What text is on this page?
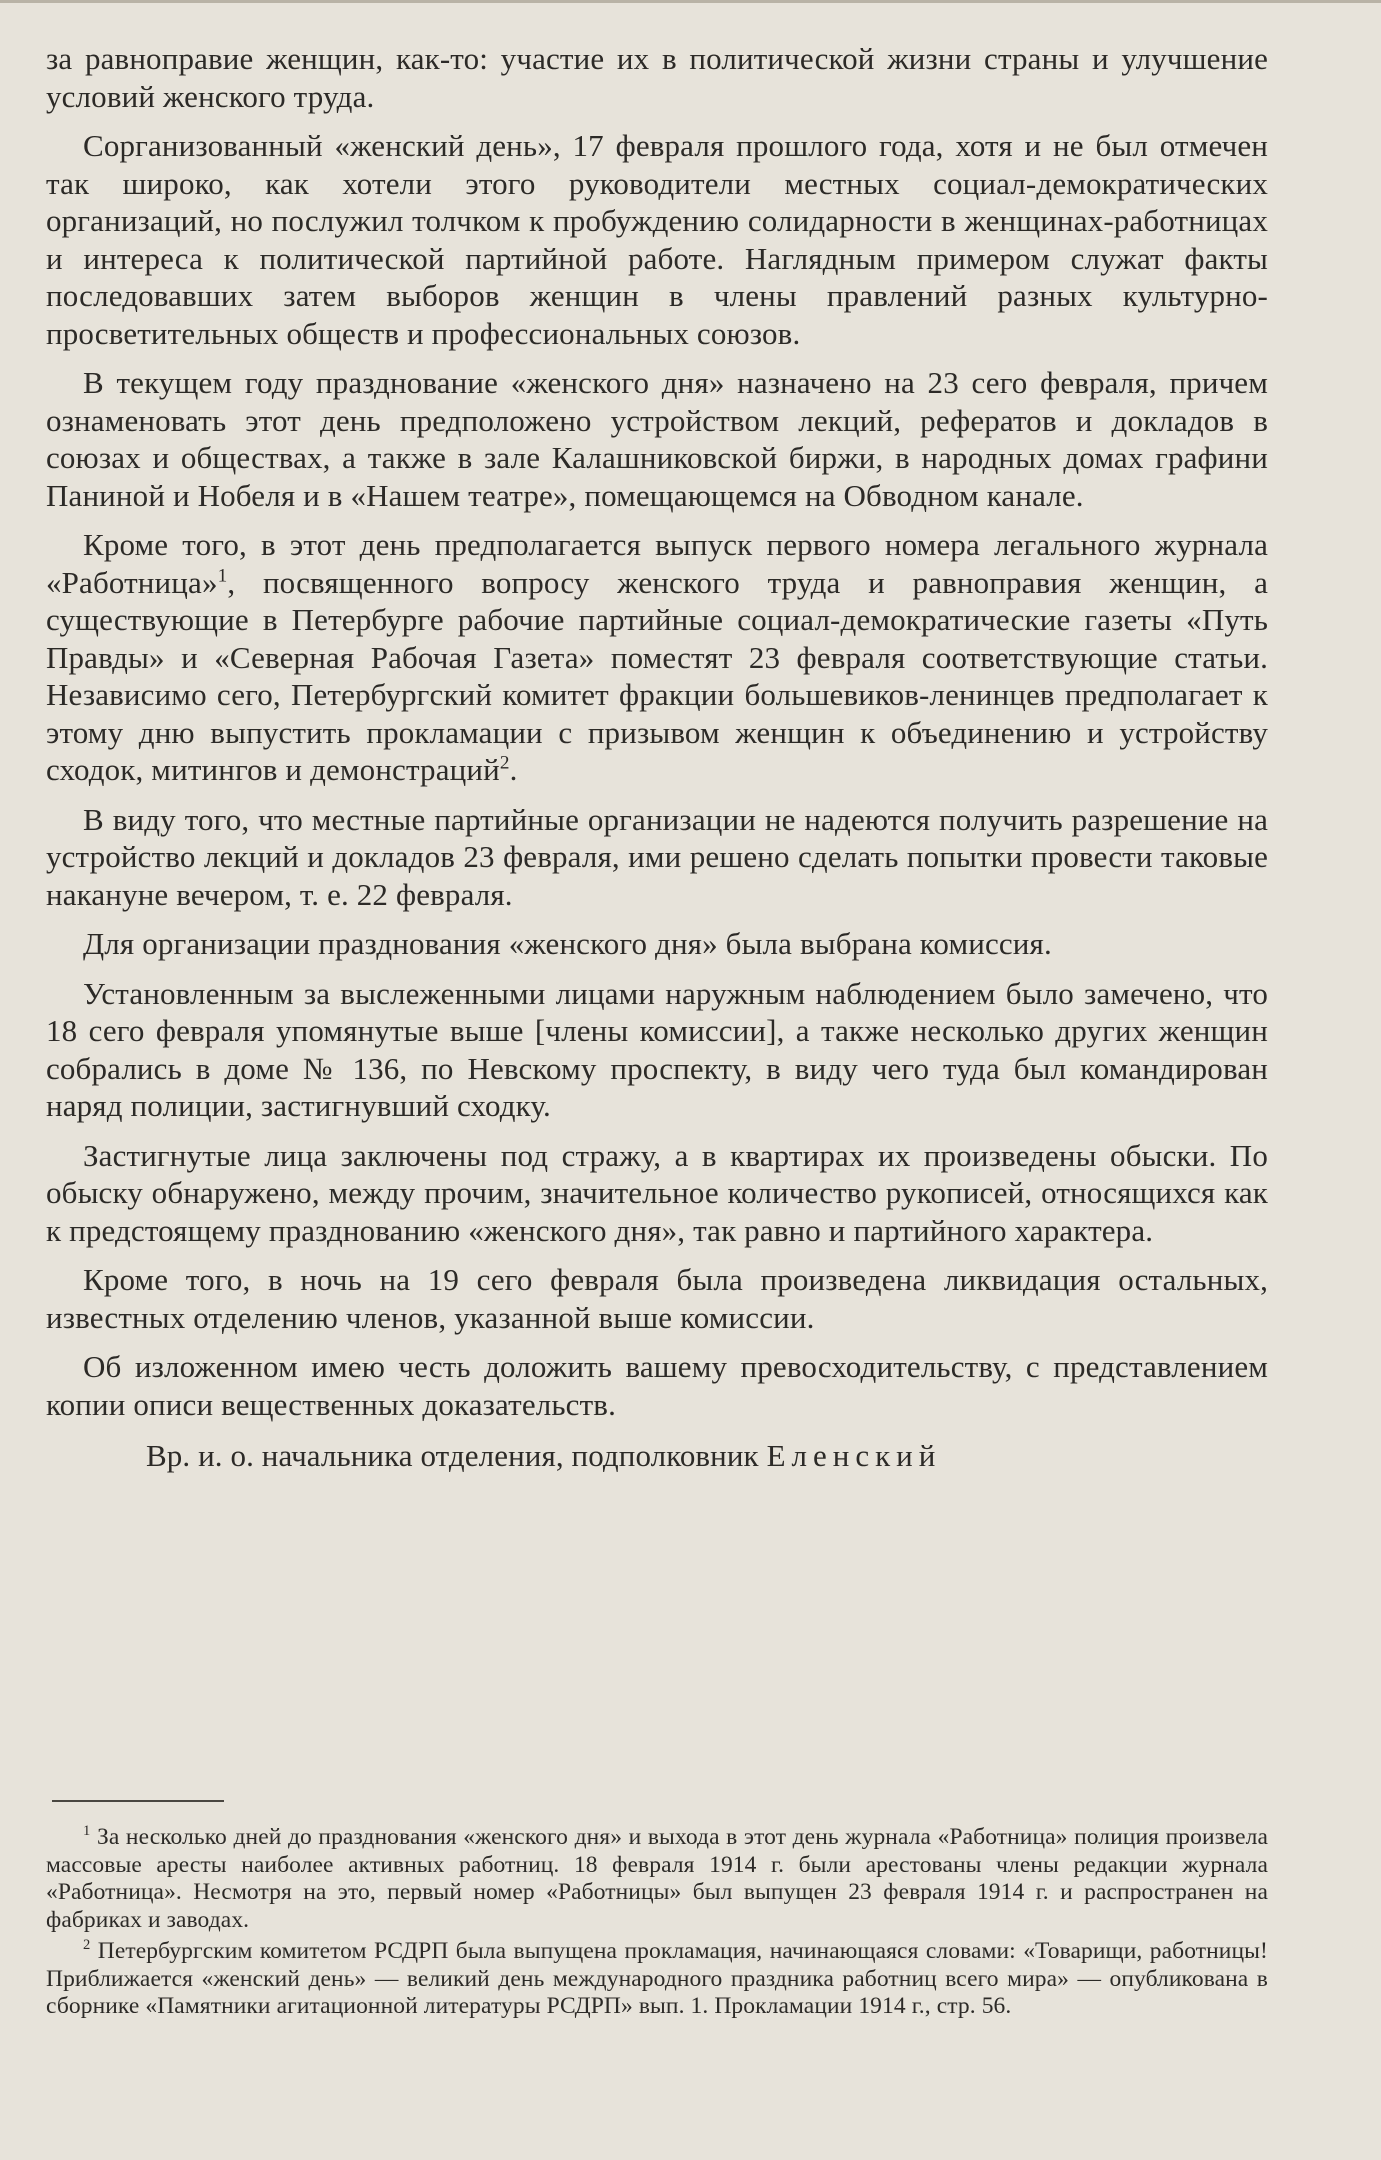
за равноправие женщин, как-то: участие их в политической жизни страны и улучшение условий женского труда.

Сорганизованный «женский день», 17 февраля прошлого года, хотя и не был отмечен так широко, как хотели этого руководители местных социал-демократических организаций, но послужил толчком к пробуждению солидарности в женщинах-работницах и интереса к политической партийной работе. Наглядным примером служат факты последовавших затем выборов женщин в члены правлений разных культурно-просветительных обществ и профессиональных союзов.

В текущем году празднование «женского дня» назначено на 23 сего февраля, причем ознаменовать этот день предположено устройством лекций, рефератов и докладов в союзах и обществах, а также в зале Калашниковской биржи, в народных домах графини Паниной и Нобеля и в «Нашем театре», помещающемся на Обводном канале.

Кроме того, в этот день предполагается выпуск первого номера легального журнала «Работница»$^1$, посвященного вопросу женского труда и равноправия женщин, а существующие в Петербурге рабочие партийные социал-демократические газеты «Путь Правды» и «Северная Рабочая Газета» поместят 23 февраля соответствующие статьи. Независимо сего, Петербургский комитет фракции большевиков-ленинцев предполагает к этому дню выпустить прокламации с призывом женщин к объединению и устройству сходок, митингов и демонстраций$^2$.

В виду того, что местные партийные организации не надеются получить разрешение на устройство лекций и докладов 23 февраля, ими решено сделать попытки провести таковые накануне вечером, т. е. 22 февраля.

Для организации празднования «женского дня» была выбрана комиссия.

Установленным за выслеженными лицами наружным наблюдением было замечено, что 18 сего февраля упомянутые выше [члены комиссии], а также несколько других женщин собрались в доме № 136, по Невскому проспекту, в виду чего туда был командирован наряд полиции, застигнувший сходку.

Застигнутые лица заключены под стражу, а в квартирах их произведены обыски. По обыску обнаружено, между прочим, значительное количество рукописей, относящихся как к предстоящему празднованию «женского дня», так равно и партийного характера.

Кроме того, в ночь на 19 сего февраля была произведена ликвидация остальных, известных отделению членов, указанной выше комиссии.

Об изложенном имею честь доложить вашему превосходительству, с представлением копии описи вещественных доказательств.

Вр. и. о. начальника отделения, подполковник Еленский

$^1$ За несколько дней до празднования «женского дня» и выхода в этот день журнала «Работница» полиция произвела массовые аресты наиболее активных работниц. 18 февраля 1914 г. были арестованы члены редакции журнала «Работница». Несмотря на это, первый номер «Работницы» был выпущен 23 февраля 1914 г. и распространен на фабриках и заводах.

$^2$ Петербургским комитетом РСДРП была выпущена прокламация, начинающаяся словами: «Товарищи, работницы! Приближается «женский день» — великий день международного праздника работниц всего мира» — опубликована в сборнике «Памятники агитационной литературы РСДРП» вып. 1. Прокламации 1914 г., стр. 56.
